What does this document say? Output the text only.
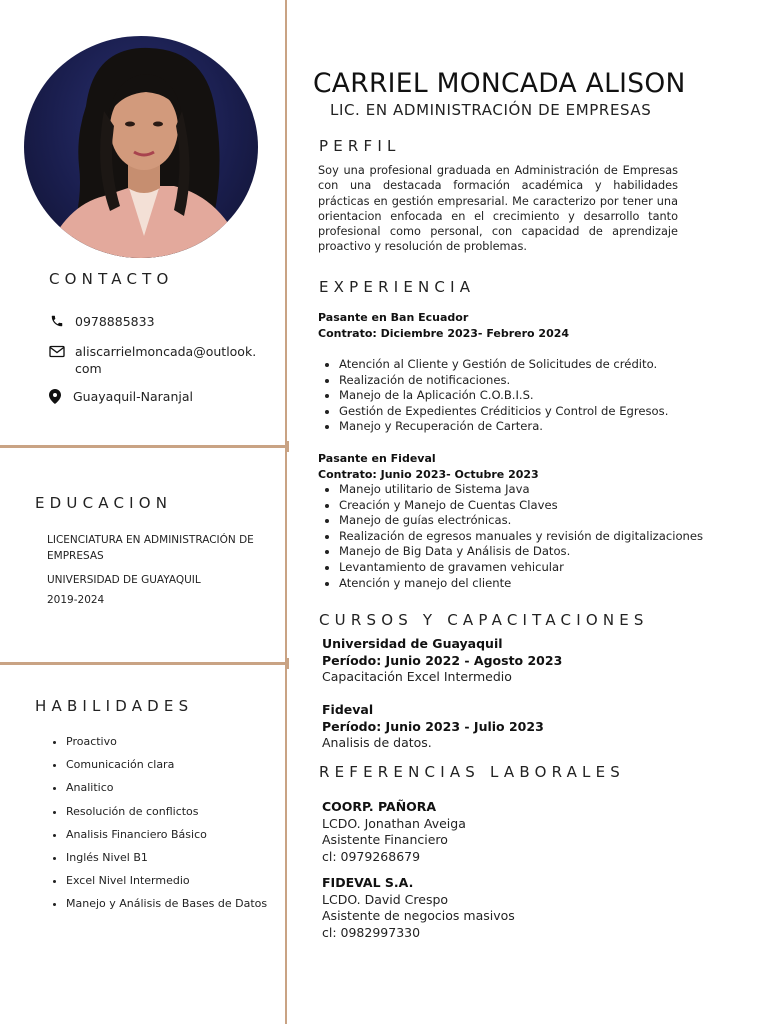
CONTACTO
0978885833
aliscarrielmoncada@outlook.
com
Guayaquil-Naranjal
EDUCACION
LICENCIATURA EN ADMINISTRACIÓN DE
EMPRESAS
UNIVERSIDAD DE GUAYAQUIL
2019-2024
HABILIDADES
• Proactivo
• Comunicación clara
• Analitico
• Resolución de conflictos
• Analisis Financiero Básico
• Inglés Nivel B1
• Excel Nivel Intermedio
• Manejo y Análisis de Bases de Datos
CARRIEL MONCADA ALISON
LIC. EN ADMINISTRACIÓN DE EMPRESAS
PERFIL
Soy una profesional graduada en Administración de Empresas con una destacada formación académica y habilidades prácticas en gestión empresarial. Me caracterizo por tener una orientacion enfocada en el crecimiento y desarrollo tanto profesional como personal, con capacidad de aprendizaje proactivo y resolución de problemas.
EXPERIENCIA
Pasante en Ban Ecuador
Contrato: Diciembre 2023- Febrero 2024
• Atención al Cliente y Gestión de Solicitudes de crédito.
• Realización de notificaciones.
• Manejo de la Aplicación C.O.B.I.S.
• Gestión de Expedientes Créditicios y Control de Egresos.
• Manejo y Recuperación de Cartera.
Pasante en Fideval
Contrato: Junio 2023- Octubre 2023
• Manejo utilitario de Sistema Java
• Creación y Manejo de Cuentas Claves
• Manejo de guías electrónicas.
• Realización de egresos manuales y revisión de digitalizaciones
• Manejo de Big Data y Análisis de Datos.
• Levantamiento de gravamen vehicular
• Atención y manejo del cliente
CURSOS Y CAPACITACIONES
Universidad de Guayaquil
Período: Junio 2022 - Agosto 2023
Capacitación Excel Intermedio
Fideval
Período: Junio 2023 - Julio 2023
Analisis de datos.
REFERENCIAS LABORALES
COORP. PAÑORA
LCDO. Jonathan Aveiga
Asistente Financiero
cl: 0979268679
FIDEVAL S.A.
LCDO. David Crespo
Asistente de negocios masivos
cl: 0982997330
